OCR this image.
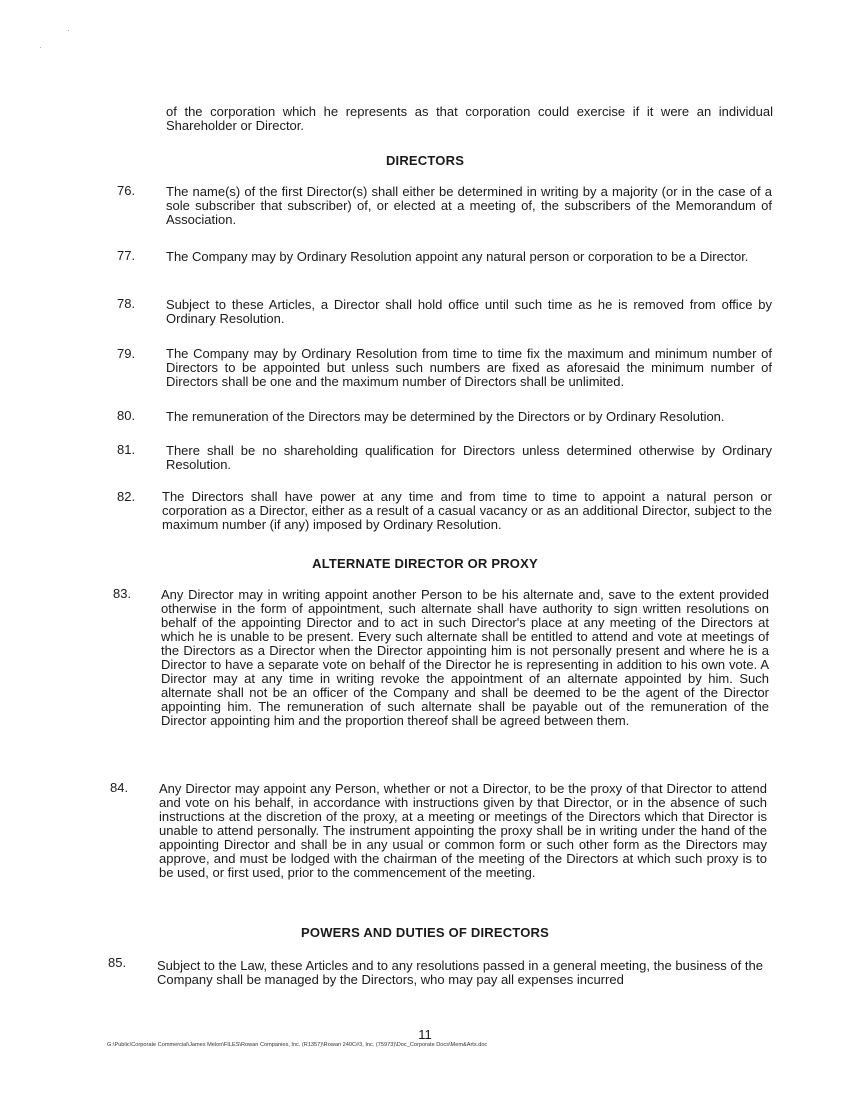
of the corporation which he represents as that corporation could exercise if it were an individual Shareholder or Director.
DIRECTORS
76. The name(s) of the first Director(s) shall either be determined in writing by a majority (or in the case of a sole subscriber that subscriber) of, or elected at a meeting of, the subscribers of the Memorandum of Association.
77. The Company may by Ordinary Resolution appoint any natural person or corporation to be a Director.
78. Subject to these Articles, a Director shall hold office until such time as he is removed from office by Ordinary Resolution.
79. The Company may by Ordinary Resolution from time to time fix the maximum and minimum number of Directors to be appointed but unless such numbers are fixed as aforesaid the minimum number of Directors shall be one and the maximum number of Directors shall be unlimited.
80. The remuneration of the Directors may be determined by the Directors or by Ordinary Resolution.
81. There shall be no shareholding qualification for Directors unless determined otherwise by Ordinary Resolution.
82. The Directors shall have power at any time and from time to time to appoint a natural person or corporation as a Director, either as a result of a casual vacancy or as an additional Director, subject to the maximum number (if any) imposed by Ordinary Resolution.
ALTERNATE DIRECTOR OR PROXY
83. Any Director may in writing appoint another Person to be his alternate and, save to the extent provided otherwise in the form of appointment, such alternate shall have authority to sign written resolutions on behalf of the appointing Director and to act in such Director's place at any meeting of the Directors at which he is unable to be present. Every such alternate shall be entitled to attend and vote at meetings of the Directors as a Director when the Director appointing him is not personally present and where he is a Director to have a separate vote on behalf of the Director he is representing in addition to his own vote. A Director may at any time in writing revoke the appointment of an alternate appointed by him. Such alternate shall not be an officer of the Company and shall be deemed to be the agent of the Director appointing him. The remuneration of such alternate shall be payable out of the remuneration of the Director appointing him and the proportion thereof shall be agreed between them.
84. Any Director may appoint any Person, whether or not a Director, to be the proxy of that Director to attend and vote on his behalf, in accordance with instructions given by that Director, or in the absence of such instructions at the discretion of the proxy, at a meeting or meetings of the Directors which that Director is unable to attend personally. The instrument appointing the proxy shall be in writing under the hand of the appointing Director and shall be in any usual or common form or such other form as the Directors may approve, and must be lodged with the chairman of the meeting of the Directors at which such proxy is to be used, or first used, prior to the commencement of the meeting.
POWERS AND DUTIES OF DIRECTORS
85. Subject to the Law, these Articles and to any resolutions passed in a general meeting, the business of the Company shall be managed by the Directors, who may pay all expenses incurred
11
G:\Public\Corporate Commercial\James Melon\FILES\Rowan Companies, Inc. (R1357)\Rowan 240C#3, Inc. (75973)\Doc_Corporate Docs\Mem&Arts.doc
